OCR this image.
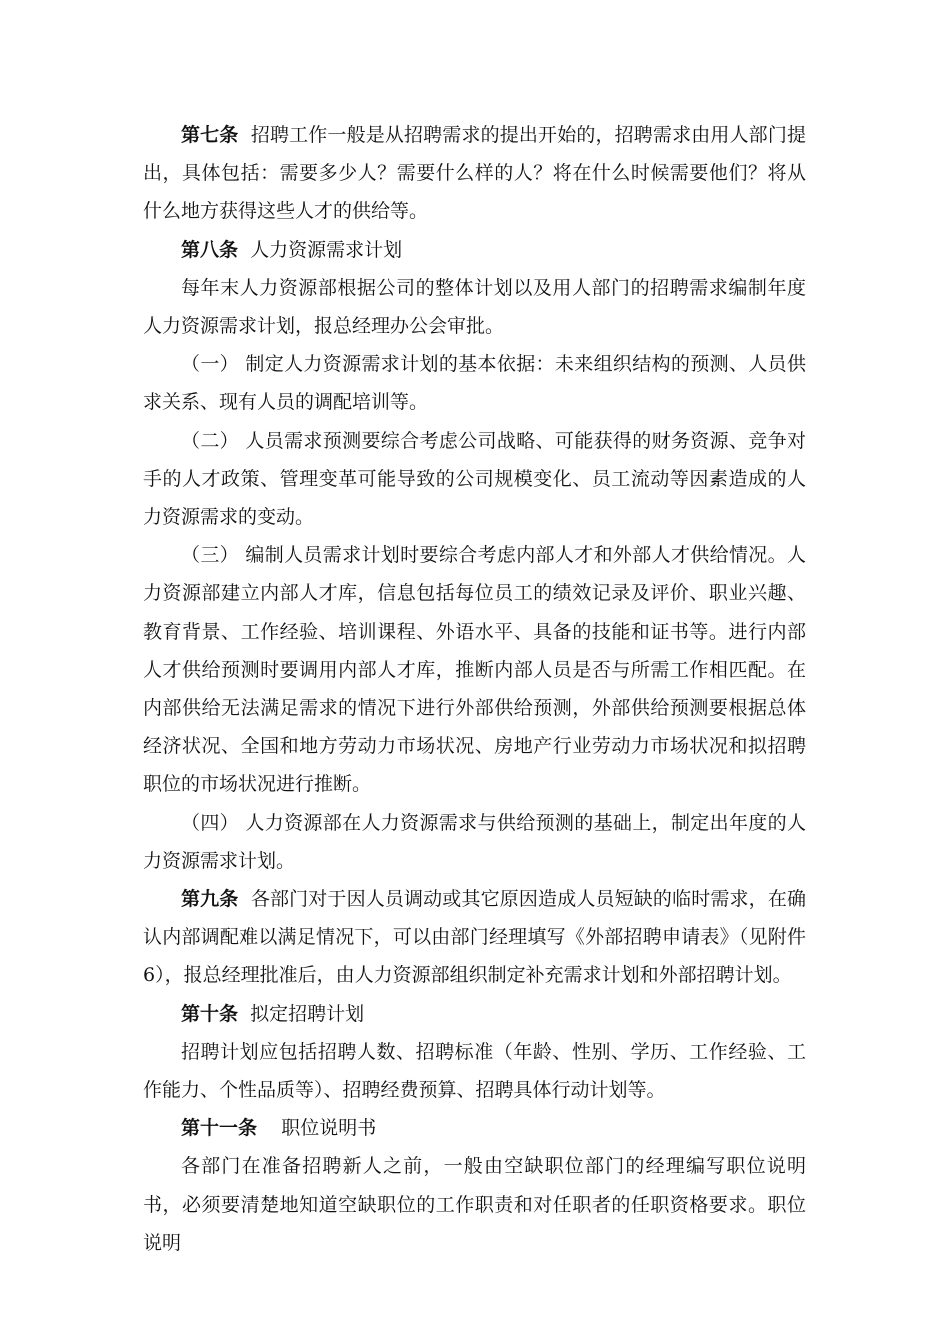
第七条 招聘工作一般是从招聘需求的提出开始的，招聘需求由用人部门提出，具体包括：需要多少人？需要什么样的人？将在什么时候需要他们？将从什么地方获得这些人才的供给等。

第八条 人力资源需求计划

每年末人力资源部根据公司的整体计划以及用人部门的招聘需求编制年度人力资源需求计划，报总经理办公会审批。

（一） 制定人力资源需求计划的基本依据：未来组织结构的预测、人员供求关系、现有人员的调配培训等。

（二） 人员需求预测要综合考虑公司战略、可能获得的财务资源、竞争对手的人才政策、管理变革可能导致的公司规模变化、员工流动等因素造成的人力资源需求的变动。

（三） 编制人员需求计划时要综合考虑内部人才和外部人才供给情况。人力资源部建立内部人才库，信息包括每位员工的绩效记录及评价、职业兴趣、教育背景、工作经验、培训课程、外语水平、具备的技能和证书等。进行内部人才供给预测时要调用内部人才库，推断内部人员是否与所需工作相匹配。在内部供给无法满足需求的情况下进行外部供给预测，外部供给预测要根据总体经济状况、全国和地方劳动力市场状况、房地产行业劳动力市场状况和拟招聘职位的市场状况进行推断。

（四） 人力资源部在人力资源需求与供给预测的基础上，制定出年度的人力资源需求计划。

第九条 各部门对于因人员调动或其它原因造成人员短缺的临时需求，在确认内部调配难以满足情况下，可以由部门经理填写《外部招聘申请表》（见附件6），报总经理批准后，由人力资源部组织制定补充需求计划和外部招聘计划。

第十条 拟定招聘计划

招聘计划应包括招聘人数、招聘标准（年龄、性别、学历、工作经验、工作能力、个性品质等）、招聘经费预算、招聘具体行动计划等。

第十一条 职位说明书

各部门在准备招聘新人之前，一般由空缺职位部门的经理编写职位说明书，必须要清楚地知道空缺职位的工作职责和对任职者的任职资格要求。职位说明
